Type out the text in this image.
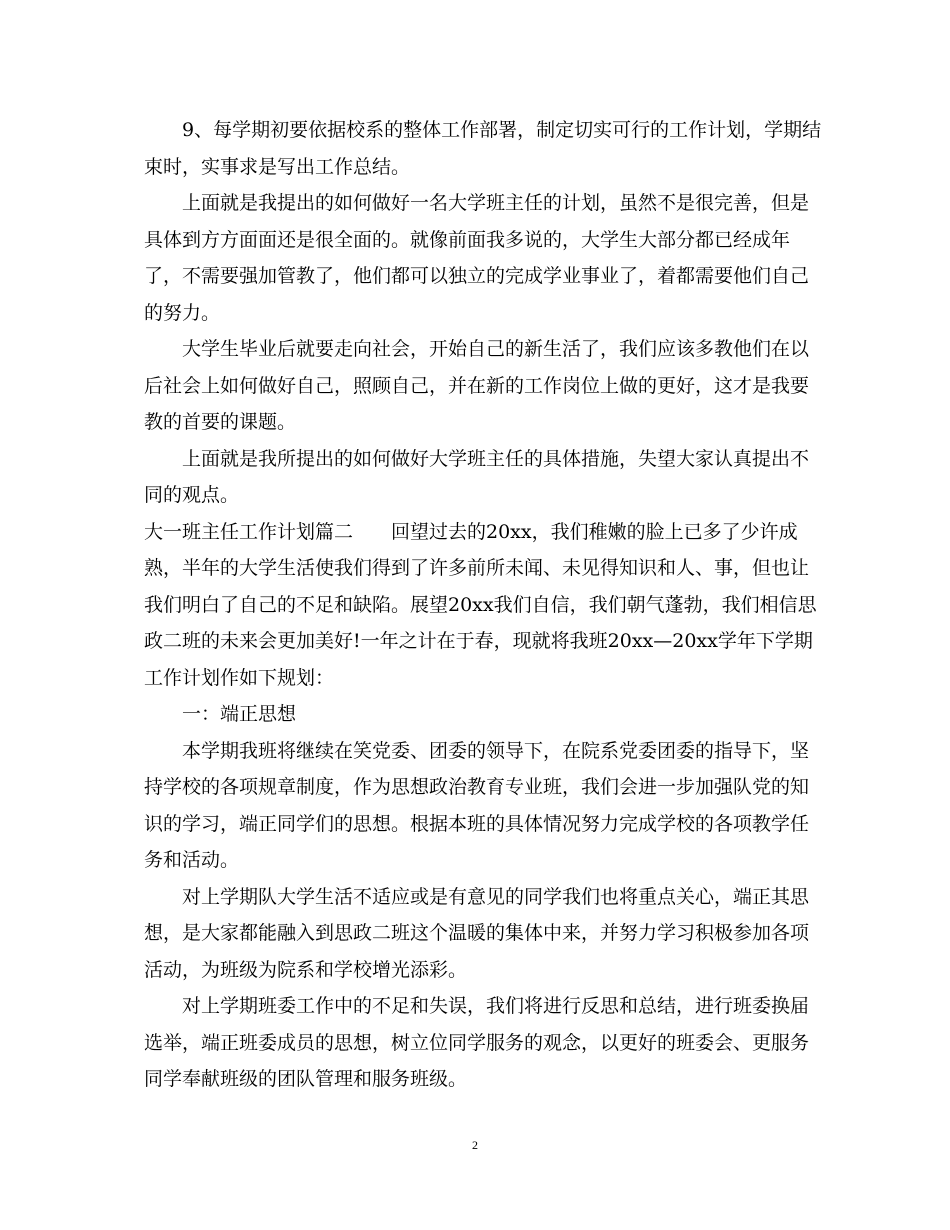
9、每学期初要依据校系的整体工作部署，制定切实可行的工作计划，学期结
束时，实事求是写出工作总结。
上面就是我提出的如何做好一名大学班主任的计划，虽然不是很完善，但是
具体到方方面面还是很全面的。就像前面我多说的，大学生大部分都已经成年
了，不需要强加管教了，他们都可以独立的完成学业事业了，着都需要他们自己
的努力。
大学生毕业后就要走向社会，开始自己的新生活了，我们应该多教他们在以
后社会上如何做好自己，照顾自己，并在新的工作岗位上做的更好，这才是我要
教的首要的课题。
上面就是我所提出的如何做好大学班主任的具体措施，失望大家认真提出不
同的观点。
大一班主任工作计划篇二　　回望过去的20xx，我们稚嫩的脸上已多了少许成
熟，半年的大学生活使我们得到了许多前所未闻、未见得知识和人、事，但也让
我们明白了自己的不足和缺陷。展望20xx我们自信，我们朝气蓬勃，我们相信思
政二班的未来会更加美好!一年之计在于春，现就将我班20xx—20xx学年下学期
工作计划作如下规划：
一：端正思想
本学期我班将继续在笑党委、团委的领导下，在院系党委团委的指导下，坚
持学校的各项规章制度，作为思想政治教育专业班，我们会进一步加强队党的知
识的学习，端正同学们的思想。根据本班的具体情况努力完成学校的各项教学任
务和活动。
对上学期队大学生活不适应或是有意见的同学我们也将重点关心，端正其思
想，是大家都能融入到思政二班这个温暖的集体中来，并努力学习积极参加各项
活动，为班级为院系和学校增光添彩。
对上学期班委工作中的不足和失误，我们将进行反思和总结，进行班委换届
选举，端正班委成员的思想，树立位同学服务的观念，以更好的班委会、更服务
同学奉献班级的团队管理和服务班级。
2
